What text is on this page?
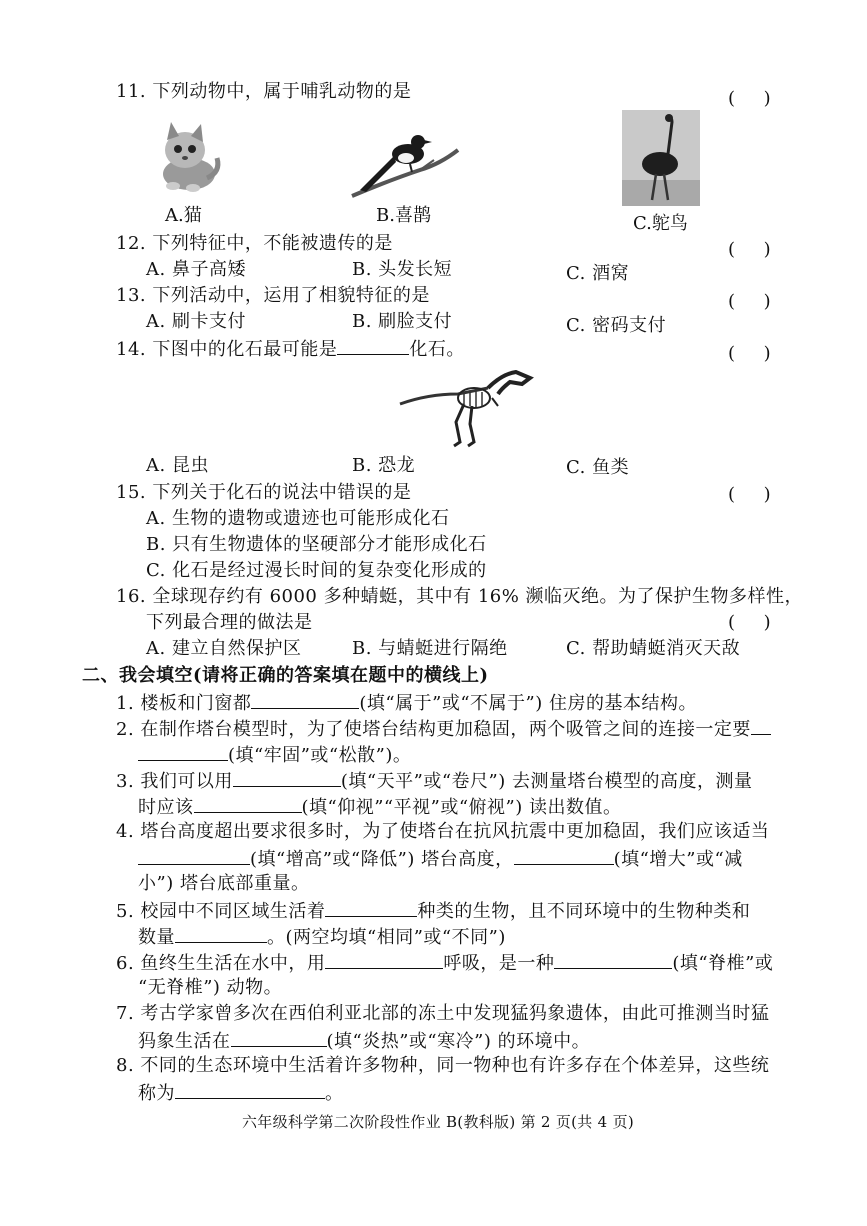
11. 下列动物中，属于哺乳动物的是	(     )
A.猫	B.喜鹊	C.鸵鸟
12. 下列特征中，不能被遗传的是	(     )
A. 鼻子高矮	B. 头发长短	C. 酒窝
13. 下列活动中，运用了相貌特征的是	(     )
A. 刷卡支付	B. 刷脸支付	C. 密码支付
14. 下图中的化石最可能是	化石。	(     )
A. 昆虫	B. 恐龙	C. 鱼类
15. 下列关于化石的说法中错误的是	(     )
A. 生物的遗物或遗迹也可能形成化石
B. 只有生物遗体的坚硬部分才能形成化石
C. 化石是经过漫长时间的复杂变化形成的
16. 全球现存约有 6000 多种蜻蜓，其中有 16% 濒临灭绝。为了保护生物多样性，
下列最合理的做法是	(     )
A. 建立自然保护区	B. 与蜻蜓进行隔绝	C. 帮助蜻蜓消灭天敌
二、我会填空(请将正确的答案填在题中的横线上)
1. 楼板和门窗都	(填“属于”或“不属于”) 住房的基本结构。
2. 在制作塔台模型时，为了使塔台结构更加稳固，两个吸管之间的连接一定要
(填“牢固”或“松散”)。
3. 我们可以用	(填“天平”或“卷尺”) 去测量塔台模型的高度，测量
时应该	(填“仰视”“平视”或“俯视”) 读出数值。
4. 塔台高度超出要求很多时，为了使塔台在抗风抗震中更加稳固，我们应该适当
(填“增高”或“降低”) 塔台高度，	(填“增大”或“减
小”) 塔台底部重量。
5. 校园中不同区域生活着	种类的生物，且不同环境中的生物种类和
数量	。(两空均填“相同”或“不同”)
6. 鱼终生生活在水中，用	呼吸，是一种	(填“脊椎”或
“无脊椎”) 动物。
7. 考古学家曾多次在西伯利亚北部的冻土中发现猛犸象遗体，由此可推测当时猛
犸象生活在	(填“炎热”或“寒冷”) 的环境中。
8. 不同的生态环境中生活着许多物种，同一物种也有许多存在个体差异，这些统
称为	。
六年级科学第二次阶段性作业 B(教科版) 第 2 页(共 4 页)
